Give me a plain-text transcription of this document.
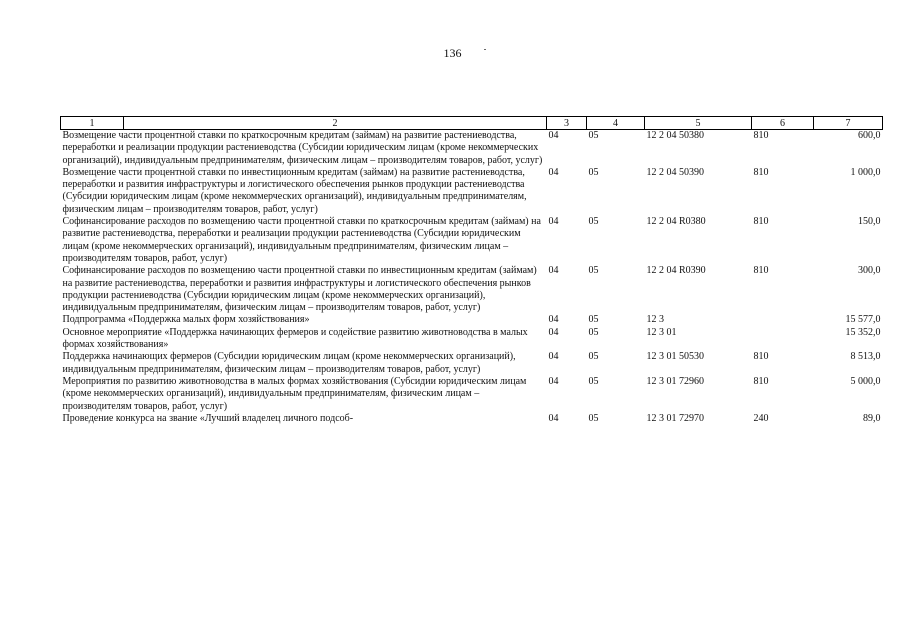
136
1	2	3	4	5	6	7
Возмещение части процентной ставки по краткосрочным кредитам (займам) на развитие растениеводства, переработки и реализации продукции растениеводства (Субсидии юридическим лицам (кроме некоммерческих организаций), индивидуальным предпринимателям, физическим лицам – производителям товаров, работ, услуг)		04	05	12 2 04 50380	810	600,0
Возмещение части процентной ставки по инвестиционным кредитам (займам) на развитие растениеводства, переработки и развития инфраструктуры и логистического обеспечения рынков продукции растениеводства (Субсидии юридическим лицам (кроме некоммерческих организаций), индивидуальным предпринимателям, физическим лицам – производителям товаров, работ, услуг)		04	05	12 2 04 50390	810	1 000,0
Софинансирование расходов по возмещению части процентной ставки по краткосрочным кредитам (займам) на развитие растениеводства, переработки и реализации продукции растениеводства (Субсидии юридическим лицам (кроме некоммерческих организаций), индивидуальным предпринимателям, физическим лицам – производителям товаров, работ, услуг)		04	05	12 2 04 R0380	810	150,0
Софинансирование расходов по возмещению части процентной ставки по инвестиционным кредитам (займам) на развитие растениеводства, переработки и развития инфраструктуры и логистического обеспечения рынков продукции растениеводства (Субсидии юридическим лицам (кроме некоммерческих организаций), индивидуальным предпринимателям, физическим лицам – производителям товаров, работ, услуг)		04	05	12 2 04 R0390	810	300,0
Подпрограмма «Поддержка малых форм хозяйствования»		04	05	12 3		15 577,0
Основное мероприятие «Поддержка начинающих фермеров и содействие развитию животноводства в малых формах хозяйствования»		04	05	12 3 01		15 352,0
Поддержка начинающих фермеров (Субсидии юридическим лицам (кроме некоммерческих организаций), индивидуальным предпринимателям, физическим лицам – производителям товаров, работ, услуг)		04	05	12 3 01 50530	810	8 513,0
Мероприятия по развитию животноводства в малых формах хозяйствования (Субсидии юридическим лицам (кроме некоммерческих организаций), индивидуальным предпринимателям, физическим лицам – производителям товаров, работ, услуг)		04	05	12 3 01 72960	810	5 000,0
Проведение конкурса на звание «Лучший владелец личного подсоб-		04	05	12 3 01 72970	240	89,0
